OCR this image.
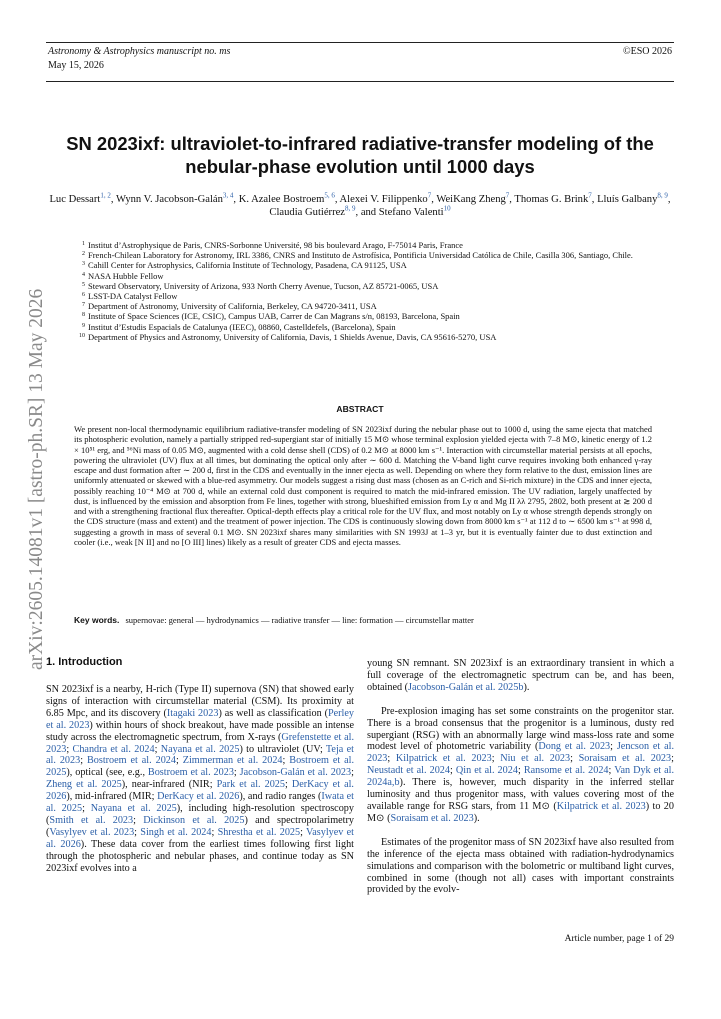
arXiv:2605.14081v1 [astro-ph.SR] 13 May 2026
Astronomy & Astrophysics manuscript no. ms
May 15, 2026
©ESO 2026
SN 2023ixf: ultraviolet-to-infrared radiative-transfer modeling of the
nebular-phase evolution until 1000 days
Luc Dessart$^{1, 2}$, Wynn V. Jacobson-Galán$^{3, 4}$, K. Azalee Bostroem$^{5, 6}$, Alexei V. Filippenko$^7$, WeiKang Zheng$^7$, Thomas G. Brink$^7$, Lluís Galbany$^{8, 9}$, Claudia Gutiérrez$^{8, 9}$, and Stefano Valenti$^{10}$
1 Institut d’Astrophysique de Paris, CNRS-Sorbonne Université, 98 bis boulevard Arago, F-75014 Paris, France
2 French-Chilean Laboratory for Astronomy, IRL 3386, CNRS and Instituto de Astrofísica, Pontificia Universidad Católica de Chile, Casilla 306, Santiago, Chile.
3 Cahill Center for Astrophysics, California Institute of Technology, Pasadena, CA 91125, USA
4 NASA Hubble Fellow
5 Steward Observatory, University of Arizona, 933 North Cherry Avenue, Tucson, AZ 85721-0065, USA
6 LSST-DA Catalyst Fellow
7 Department of Astronomy, University of California, Berkeley, CA 94720-3411, USA
8 Institute of Space Sciences (ICE, CSIC), Campus UAB, Carrer de Can Magrans s/n, 08193, Barcelona, Spain
9 Institut d’Estudis Espacials de Catalunya (IEEC), 08860, Castelldefels, (Barcelona), Spain
10 Department of Physics and Astronomy, University of California, Davis, 1 Shields Avenue, Davis, CA 95616-5270, USA
ABSTRACT

We present non-local thermodynamic equilibrium radiative-transfer modeling of SN 2023ixf during the nebular phase out to 1000 d, using the same ejecta that matched its photospheric evolution, namely a partially stripped red-supergiant star of initially 15 M⊙ whose terminal explosion yielded ejecta with 7–8 M⊙, kinetic energy of 1.2 × 10⁵¹ erg, and ⁵⁶Ni mass of 0.05 M⊙, augmented with a cold dense shell (CDS) of 0.2 M⊙ at 8000 km s⁻¹. Interaction with circumstellar material persists at all epochs, powering the ultraviolet (UV) flux at all times, but dominating the optical only after ∼ 600 d. Matching the V-band light curve requires invoking both enhanced γ-ray escape and dust formation after ∼ 200 d, first in the CDS and eventually in the inner ejecta as well. Depending on where they form relative to the dust, emission lines are uniformly attenuated or skewed with a blue-red asymmetry. Our models suggest a rising dust mass (chosen as an C-rich and Si-rich mixture) in the CDS and inner ejecta, possibly reaching 10⁻⁴ M⊙ at 700 d, while an external cold dust component is required to match the mid-infrared emission. The UV radiation, largely unaffected by dust, is influenced by the emission and absorption from Fe lines, together with strong, blueshifted emission from Ly α and Mg II λλ 2795, 2802, both present at ≳ 200 d and with a strengthening fractional flux thereafter. Optical-depth effects play a critical role for the UV flux, and most notably on Ly α whose strength depends strongly on the CDS structure (mass and extent) and the treatment of power injection. The CDS is continuously slowing down from 8000 km s⁻¹ at 112 d to ∼ 6500 km s⁻¹ at 998 d, suggesting a growth in mass of several 0.1 M⊙. SN 2023ixf shares many similarities with SN 1993J at 1–3 yr, but it is eventually fainter due to dust extinction and cooler (i.e., weak [N II] and no [O III] lines) likely as a result of greater CDS and ejecta masses.

Key words. supernovae: general — hydrodynamics — radiative transfer — line: formation — circumstellar matter
1. Introduction

SN 2023ixf is a nearby, H-rich (Type II) supernova (SN) that showed early signs of interaction with circumstellar material (CSM). Its proximity at 6.85 Mpc, and its discovery (Itagaki 2023) as well as classification (Perley et al. 2023) within hours of shock breakout, have made possible an intense study across the electromagnetic spectrum, from X-rays (Grefenstette et al. 2023; Chandra et al. 2024; Nayana et al. 2025) to ultraviolet (UV; Teja et al. 2023; Bostroem et al. 2024; Zimmerman et al. 2024; Bostroem et al. 2025), optical (see, e.g., Bostroem et al. 2023; Jacobson-Galán et al. 2023; Zheng et al. 2025), near-infrared (NIR; Park et al. 2025; DerKacy et al. 2026), mid-infrared (MIR; DerKacy et al. 2026), and radio ranges (Iwata et al. 2025; Nayana et al. 2025), including high-resolution spectroscopy (Smith et al. 2023; Dickinson et al. 2025) and spectropolarimetry (Vasylyev et al. 2023; Singh et al. 2024; Shrestha et al. 2025; Vasylyev et al. 2026). These data cover from the earliest times following first light through the photospheric and nebular phases, and continue today as SN 2023ixf evolves into a

young SN remnant. SN 2023ixf is an extraordinary transient in which a full coverage of the electromagnetic spectrum can be, and has been, obtained (Jacobson-Galán et al. 2025b).

Pre-explosion imaging has set some constraints on the progenitor star. There is a broad consensus that the progenitor is a luminous, dusty red supergiant (RSG) with an abnormally large wind mass-loss rate and some modest level of photometric variability (Dong et al. 2023; Jencson et al. 2023; Kilpatrick et al. 2023; Niu et al. 2023; Soraisam et al. 2023; Neustadt et al. 2024; Qin et al. 2024; Ransome et al. 2024; Van Dyk et al. 2024a,b). There is, however, much disparity in the inferred stellar luminosity and thus progenitor mass, with values covering most of the available range for RSG stars, from 11 M⊙ (Kilpatrick et al. 2023) to 20 M⊙ (Soraisam et al. 2023).

Estimates of the progenitor mass of SN 2023ixf have also resulted from the inference of the ejecta mass obtained with radiation-hydrodynamics simulations and comparison with the bolometric or multiband light curves, combined in some (though not all) cases with important constraints provided by the evolv-

Article number, page 1 of 29
